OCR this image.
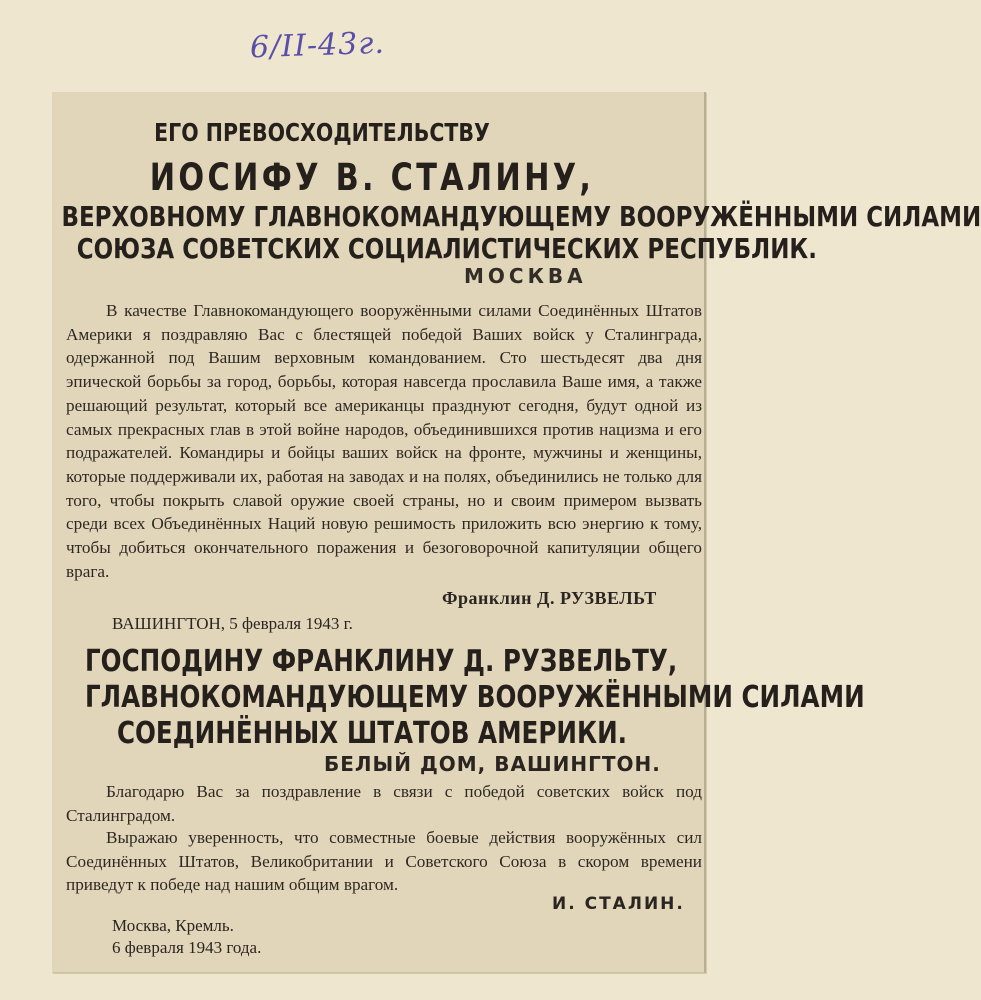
6/II-43г.
ЕГО ПРЕВОСХОДИТЕЛЬСТВУ
ИОСИФУ В. СТАЛИНУ,
ВЕРХОВНОМУ ГЛАВНОКОМАНДУЮЩЕМУ ВООРУЖЁННЫМИ СИЛАМИ
СОЮЗА СОВЕТСКИХ СОЦИАЛИСТИЧЕСКИХ РЕСПУБЛИК.
МОСКВА
В качестве Главнокомандующего вооружёнными силами Соединённых Штатов Америки я поздравляю Вас с блестящей победой Ваших войск у Сталинграда, одержанной под Вашим верховным командованием. Сто шестьдесят два дня эпической борьбы за город, борьбы, которая навсегда прославила Ваше имя, а также решающий результат, который все американцы празднуют сегодня, будут одной из самых прекрасных глав в этой войне народов, объединившихся против нацизма и его подражателей. Командиры и бойцы ваших войск на фронте, мужчины и женщины, которые поддерживали их, работая на заводах и на полях, объединились не только для того, чтобы покрыть славой оружие своей страны, но и своим примером вызвать среди всех Объединённых Наций новую решимость приложить всю энергию к тому, чтобы добиться окончательного поражения и безоговорочной капитуляции общего врага.
Франклин Д. РУЗВЕЛЬТ
ВАШИНГТОН, 5 февраля 1943 г.
ГОСПОДИНУ ФРАНКЛИНУ Д. РУЗВЕЛЬТУ,
ГЛАВНОКОМАНДУЮЩЕМУ ВООРУЖЁННЫМИ СИЛАМИ
СОЕДИНЁННЫХ ШТАТОВ АМЕРИКИ.
БЕЛЫЙ ДОМ, ВАШИНГТОН.
Благодарю Вас за поздравление в связи с победой советских войск под Сталинградом.
Выражаю уверенность, что совместные боевые действия вооружённых сил Соединённых Штатов, Великобритании и Советского Союза в скором времени приведут к победе над нашим общим врагом.
И. СТАЛИН.
Москва, Кремль.
6 февраля 1943 года.
